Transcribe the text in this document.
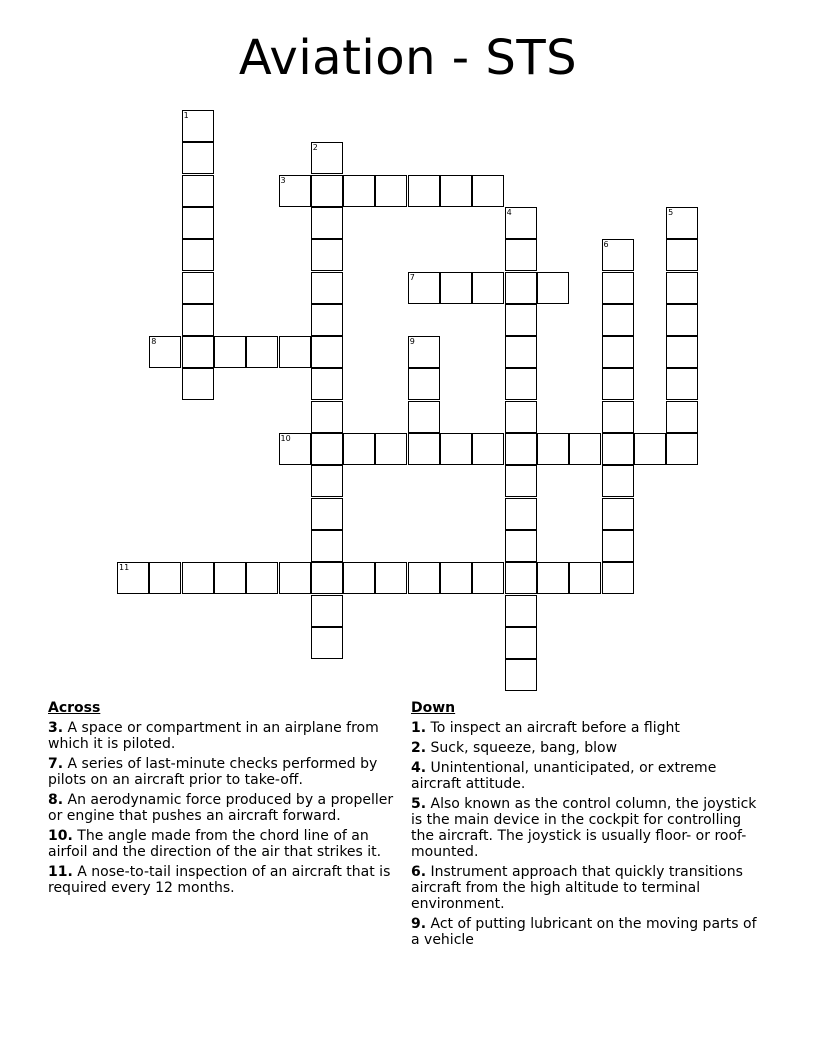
Aviation - STS
1
2
3
4	5
6
7
8	9
10
11
Across
3. A space or compartment in an airplane from which it is piloted.
7. A series of last-minute checks performed by pilots on an aircraft prior to take-off.
8. An aerodynamic force produced by a propeller or engine that pushes an aircraft forward.
10. The angle made from the chord line of an airfoil and the direction of the air that strikes it.
11. A nose-to-tail inspection of an aircraft that is required every 12 months.
Down
1. To inspect an aircraft before a flight
2. Suck, squeeze, bang, blow
4. Unintentional, unanticipated, or extreme aircraft attitude.
5. Also known as the control column, the joystick is the main device in the cockpit for controlling the aircraft. The joystick is usually floor- or roof-mounted.
6. Instrument approach that quickly transitions aircraft from the high altitude to terminal environment.
9. Act of putting lubricant on the moving parts of a vehicle
